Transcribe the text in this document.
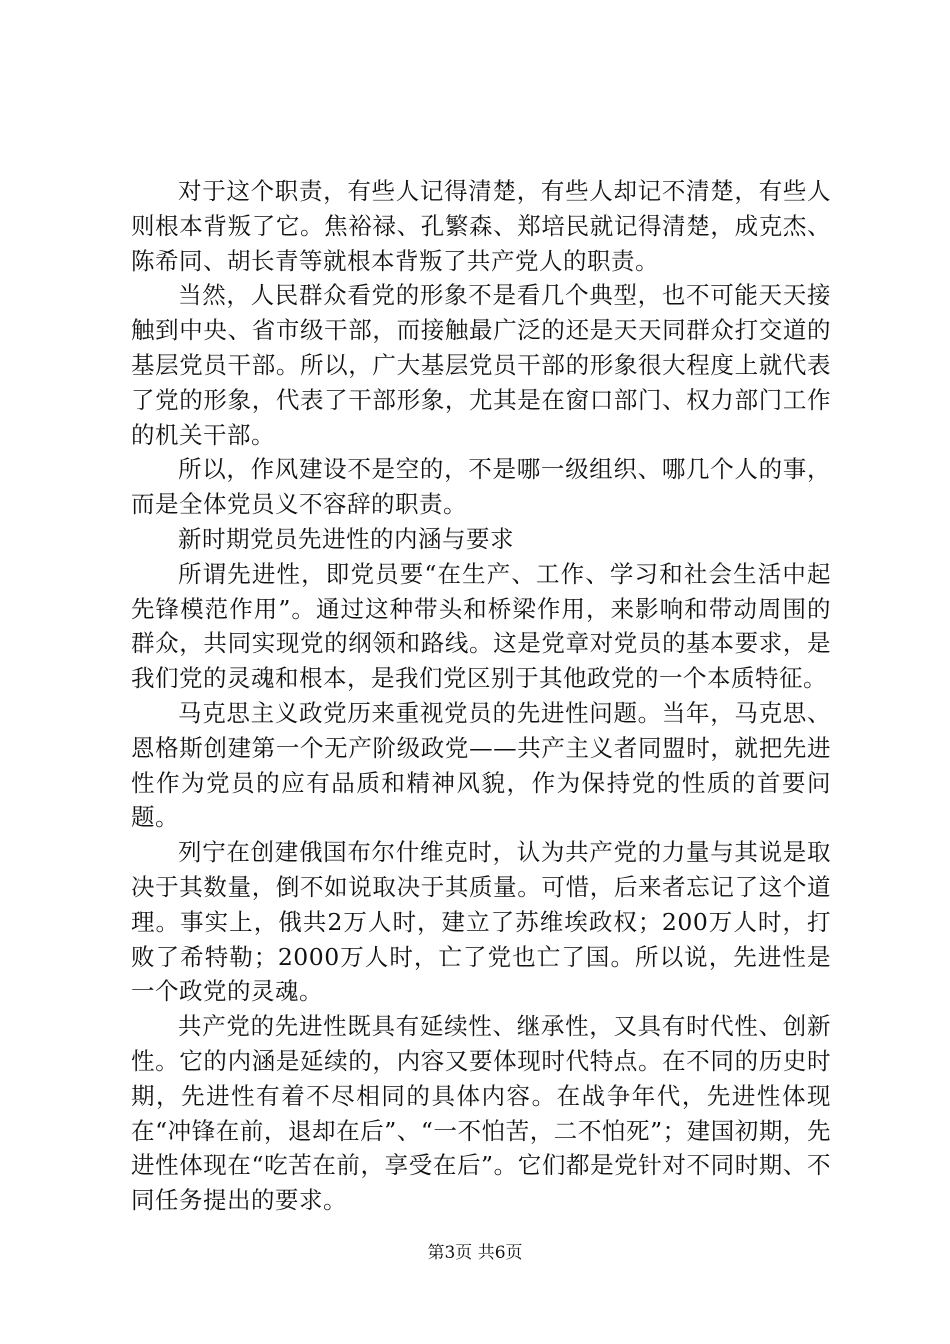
对于这个职责，有些人记得清楚，有些人却记不清楚，有些人则根本背叛了它。焦裕禄、孔繁森、郑培民就记得清楚，成克杰、陈希同、胡长青等就根本背叛了共产党人的职责。

当然，人民群众看党的形象不是看几个典型，也不可能天天接触到中央、省市级干部，而接触最广泛的还是天天同群众打交道的基层党员干部。所以，广大基层党员干部的形象很大程度上就代表了党的形象，代表了干部形象，尤其是在窗口部门、权力部门工作的机关干部。

所以，作风建设不是空的，不是哪一级组织、哪几个人的事，而是全体党员义不容辞的职责。

新时期党员先进性的内涵与要求

所谓先进性，即党员要“在生产、工作、学习和社会生活中起先锋模范作用”。通过这种带头和桥梁作用，来影响和带动周围的群众，共同实现党的纲领和路线。这是党章对党员的基本要求，是我们党的灵魂和根本，是我们党区别于其他政党的一个本质特征。

马克思主义政党历来重视党员的先进性问题。当年，马克思、恩格斯创建第一个无产阶级政党——共产主义者同盟时，就把先进性作为党员的应有品质和精神风貌，作为保持党的性质的首要问题。

列宁在创建俄国布尔什维克时，认为共产党的力量与其说是取决于其数量，倒不如说取决于其质量。可惜，后来者忘记了这个道理。事实上，俄共2万人时，建立了苏维埃政权；200万人时，打败了希特勒；2000万人时，亡了党也亡了国。所以说，先进性是一个政党的灵魂。

共产党的先进性既具有延续性、继承性，又具有时代性、创新性。它的内涵是延续的，内容又要体现时代特点。在不同的历史时期，先进性有着不尽相同的具体内容。在战争年代，先进性体现在“冲锋在前，退却在后”、“一不怕苦，二不怕死”；建国初期，先进性体现在“吃苦在前，享受在后”。它们都是党针对不同时期、不同任务提出的要求。

第3页 共6页
